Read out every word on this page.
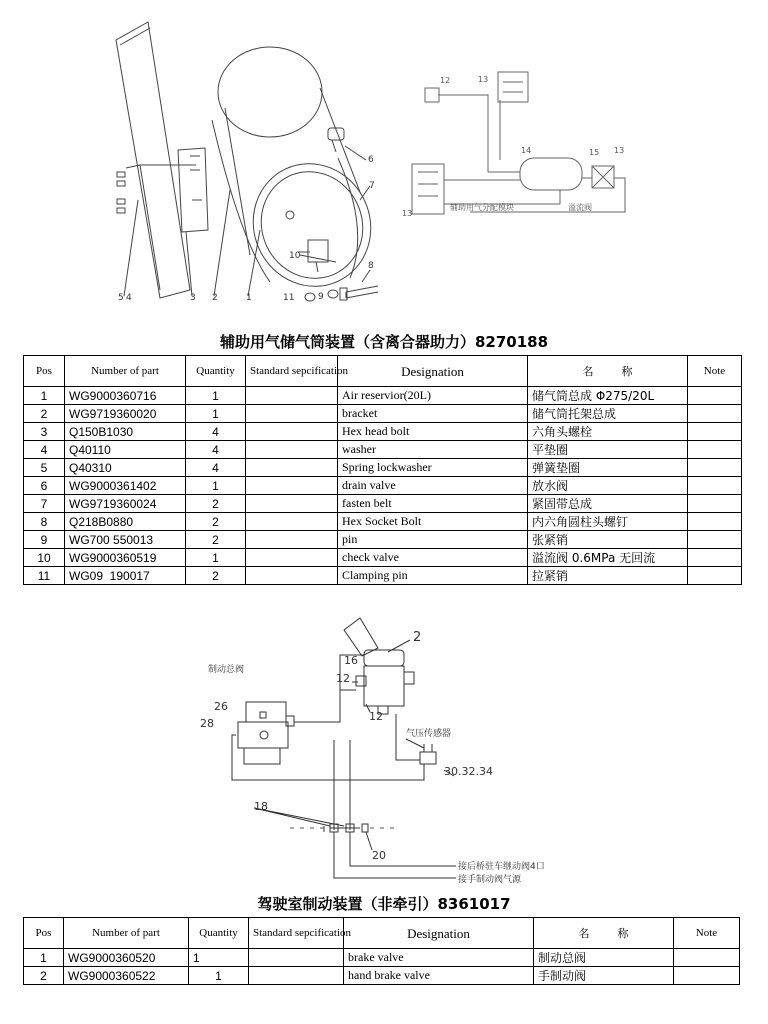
5 4	3 2	1
6
7
8
9
10
11
12	13
14	15 13
13
辅助用气分配模块	溢流阀
辅助用气储气筒装置（含离合器助力）8270188
Pos	Number of part	Quantity	Standard sepcification	Designation	名        称	Note
1	WG9000360716	1		Air reservior(20L)	储气筒总成 Φ275/20L	
2	WG9719360020	1		bracket	储气筒托架总成	
3	Q150B1030	4		Hex head bolt	六角头螺栓	
4	Q40110	4		washer	平垫圈	
5	Q40310	4		Spring lockwasher	弹簧垫圈	
6	WG9000361402	1		drain valve	放水阀	
7	WG9719360024	2		fasten belt	紧固带总成	
8	Q218B0880	2		Hex Socket Bolt	内六角圆柱头螺钉	
9	WG700 550013	2		pin	张紧销	
10	WG9000360519	1		check valve	溢流阀 0.6MPa 无回流	
11	WG09  190017	2		Clamping pin	拉紧销	
2
16
12
12
26
28
18
20
30.32.34
制动总阀
气压传感器
接后桥驻车继动阀4口
接手制动阀气源
驾驶室制动装置（非牵引）8361017
Pos	Number of part	Quantity	Standard sepcification	Designation	名        称	Note
1	WG9000360520	1		brake valve	制动总阀	
2	WG9000360522	1		hand brake valve	手制动阀	
